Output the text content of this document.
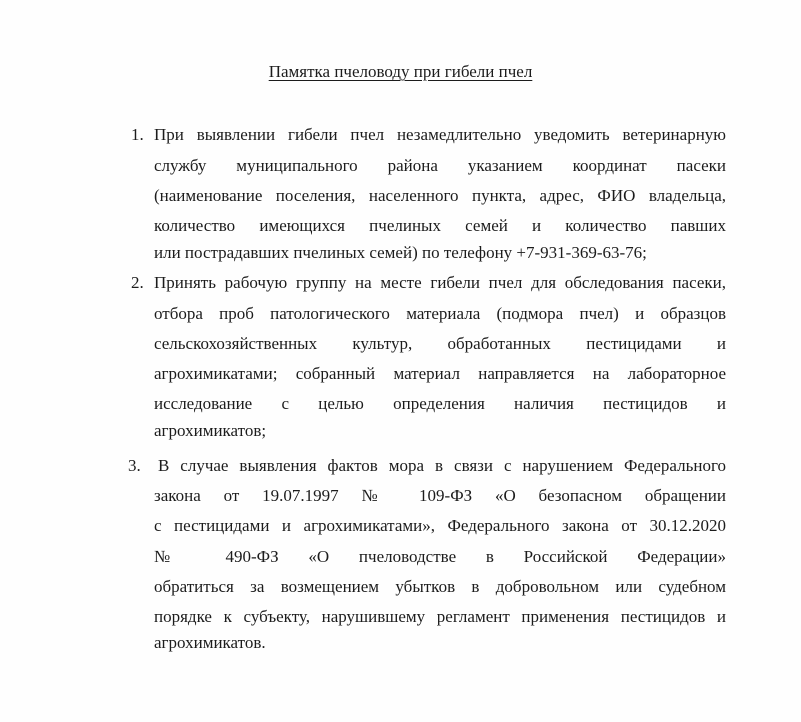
Памятка пчеловоду при гибели пчел
1. При выявлении гибели пчел незамедлительно уведомить ветеринарную
службу муниципального района указанием координат пасеки
(наименование поселения, населенного пункта, адрес, ФИО владельца,
количество имеющихся пчелиных семей и количество павших
или пострадавших пчелиных семей) по телефону +7-931-369-63-76;
2. Принять рабочую группу на месте гибели пчел для обследования пасеки,
отбора проб патологического материала (подмора пчел) и образцов
сельскохозяйственных культур, обработанных пестицидами и
агрохимикатами; собранный материал направляется на лабораторное
исследование с целью определения наличия пестицидов и
агрохимикатов;
3. В случае выявления фактов мора в связи с нарушением Федерального
закона от 19.07.1997 № 109-ФЗ «О безопасном обращении
с пестицидами и агрохимикатами», Федерального закона от 30.12.2020
№ 490-ФЗ «О пчеловодстве в Российской Федерации»
обратиться за возмещением убытков в добровольном или судебном
порядке к субъекту, нарушившему регламент применения пестицидов и
агрохимикатов.
